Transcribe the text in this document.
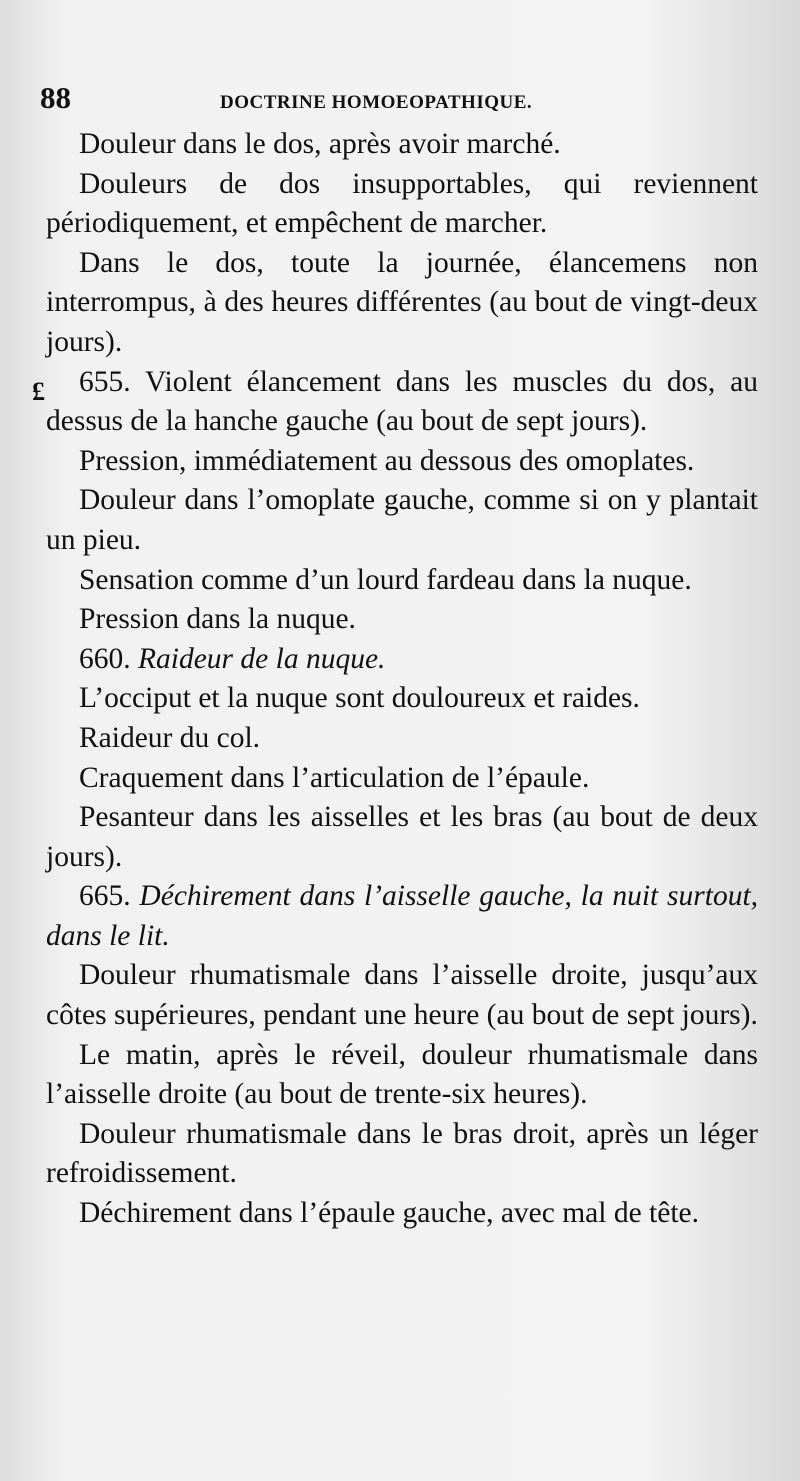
88	DOCTRINE HOMOEOPATHIQUE.
£

Douleur dans le dos, après avoir marché.

Douleurs de dos insupportables, qui reviennent périodiquement, et empêchent de marcher.

Dans le dos, toute la journée, élancemens non interrompus, à des heures différentes (au bout de vingt-deux jours).

655. Violent élancement dans les muscles du dos, au dessus de la hanche gauche (au bout de sept jours).

Pression, immédiatement au dessous des omoplates.

Douleur dans l’omoplate gauche, comme si on y plantait un pieu.

Sensation comme d’un lourd fardeau dans la nuque.

Pression dans la nuque.

660. Raideur de la nuque.

L’occiput et la nuque sont douloureux et raides.

Raideur du col.

Craquement dans l’articulation de l’épaule.

Pesanteur dans les aisselles et les bras (au bout de deux jours).

665. Déchirement dans l’aisselle gauche, la nuit surtout, dans le lit.

Douleur rhumatismale dans l’aisselle droite, jusqu’aux côtes supérieures, pendant une heure (au bout de sept jours).

Le matin, après le réveil, douleur rhumatismale dans l’aisselle droite (au bout de trente-six heures).

Douleur rhumatismale dans le bras droit, après un léger refroidissement.

Déchirement dans l’épaule gauche, avec mal de tête.
